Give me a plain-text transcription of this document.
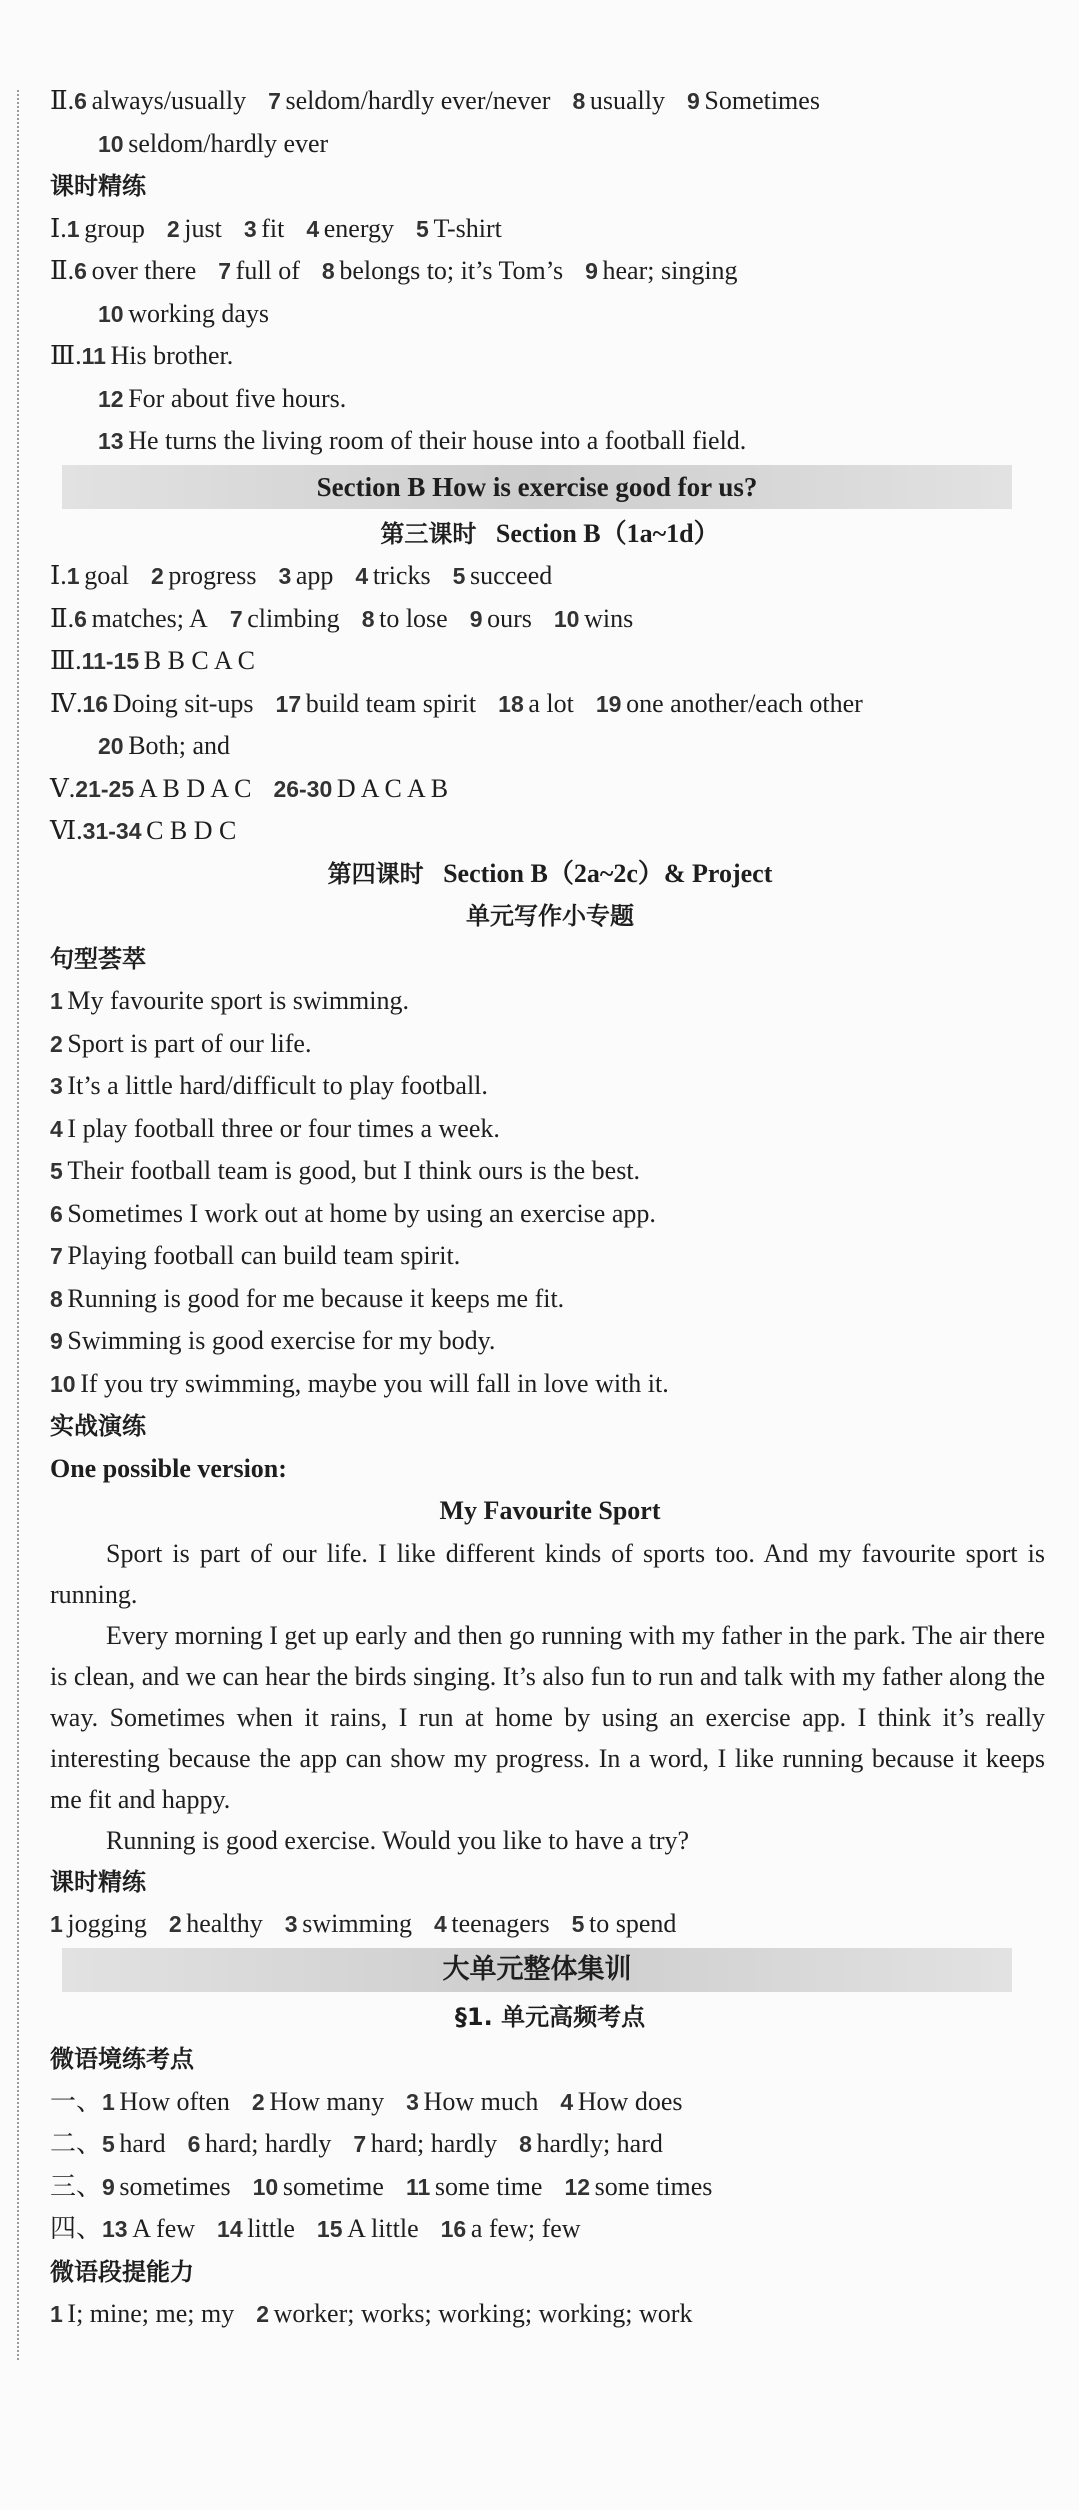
Ⅱ.6 always/usually 7 seldom/hardly ever/never 8 usually 9 Sometimes
10 seldom/hardly ever
课时精练
Ⅰ.1 group 2 just 3 fit 4 energy 5 T-shirt
Ⅱ.6 over there 7 full of 8 belongs to; it’s Tom’s 9 hear; singing
10 working days
Ⅲ.11 His brother.
12 For about five hours.
13 He turns the living room of their house into a football field.
Section B How is exercise good for us?
第三课时 Section B（1a~1d）
Ⅰ.1 goal 2 progress 3 app 4 tricks 5 succeed
Ⅱ.6 matches; A 7 climbing 8 to lose 9 ours 10 wins
Ⅲ.11-15 B B C A C
Ⅳ.16 Doing sit-ups 17 build team spirit 18 a lot 19 one another/each other
20 Both; and
Ⅴ.21-25 A B D A C 26-30 D A C A B
Ⅵ.31-34 C B D C
第四课时 Section B（2a~2c）& Project
单元写作小专题
句型荟萃
1 My favourite sport is swimming.
2 Sport is part of our life.
3 It’s a little hard/difficult to play football.
4 I play football three or four times a week.
5 Their football team is good, but I think ours is the best.
6 Sometimes I work out at home by using an exercise app.
7 Playing football can build team spirit.
8 Running is good for me because it keeps me fit.
9 Swimming is good exercise for my body.
10 If you try swimming, maybe you will fall in love with it.
实战演练
One possible version:
My Favourite Sport

Sport is part of our life. I like different kinds of sports too. And my favourite sport is running.

Every morning I get up early and then go running with my father in the park. The air there is clean, and we can hear the birds singing. It’s also fun to run and talk with my father along the way. Sometimes when it rains, I run at home by using an exercise app. I think it’s really interesting because the app can show my progress. In a word, I like running because it keeps me fit and happy.

Running is good exercise. Would you like to have a try?

课时精练
1 jogging 2 healthy 3 swimming 4 teenagers 5 to spend
大单元整体集训
§1. 单元高频考点
微语境练考点
一、1 How often 2 How many 3 How much 4 How does
二、5 hard 6 hard; hardly 7 hard; hardly 8 hardly; hard
三、9 sometimes 10 sometime 11 some time 12 some times
四、13 A few 14 little 15 A little 16 a few; few
微语段提能力
1 I; mine; me; my 2 worker; works; working; working; work
